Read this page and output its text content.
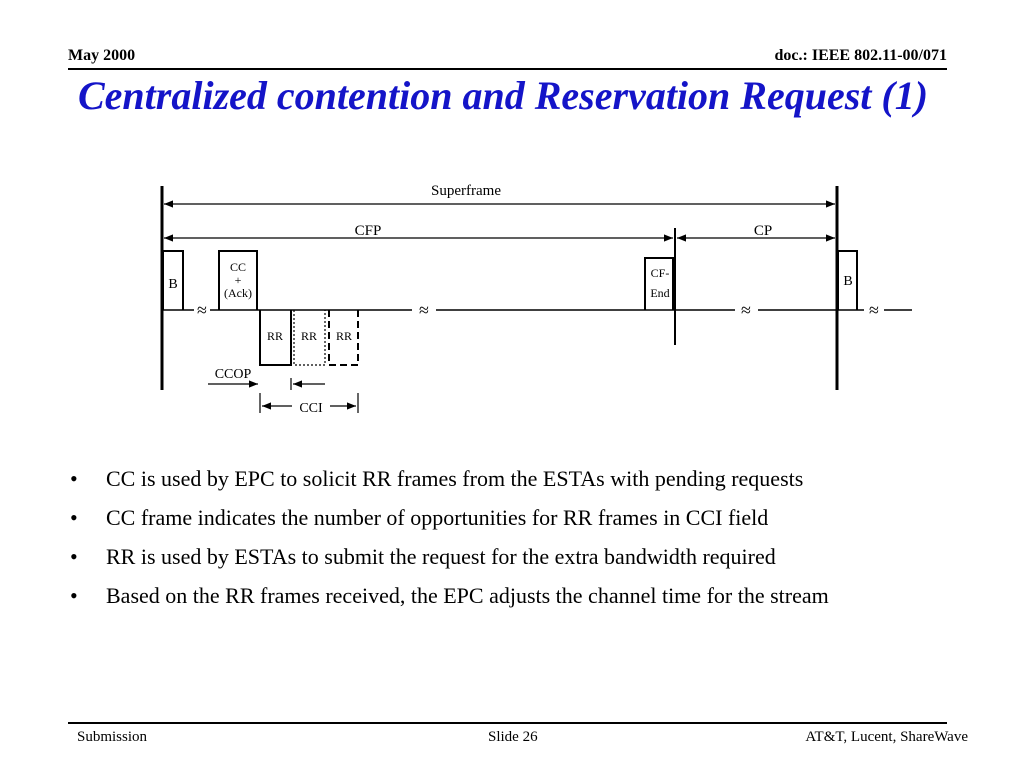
May 2000	doc.: IEEE 802.11-00/071
Centralized contention and Reservation Request (1)
≈	≈	≈	≈
Superframe
CFP	CP
B
CC
+
(Ack)
RR RR RR
CF-
End
B
CCOP
CCI
• CC is used by EPC to solicit RR frames from the ESTAs with pending requests
• CC frame indicates the number of opportunities for RR frames in CCI field
• RR is used by ESTAs to submit the request for the extra bandwidth required
• Based on the RR frames received, the EPC adjusts the channel time for the stream
Submission	Slide 26	AT&T, Lucent, ShareWave
